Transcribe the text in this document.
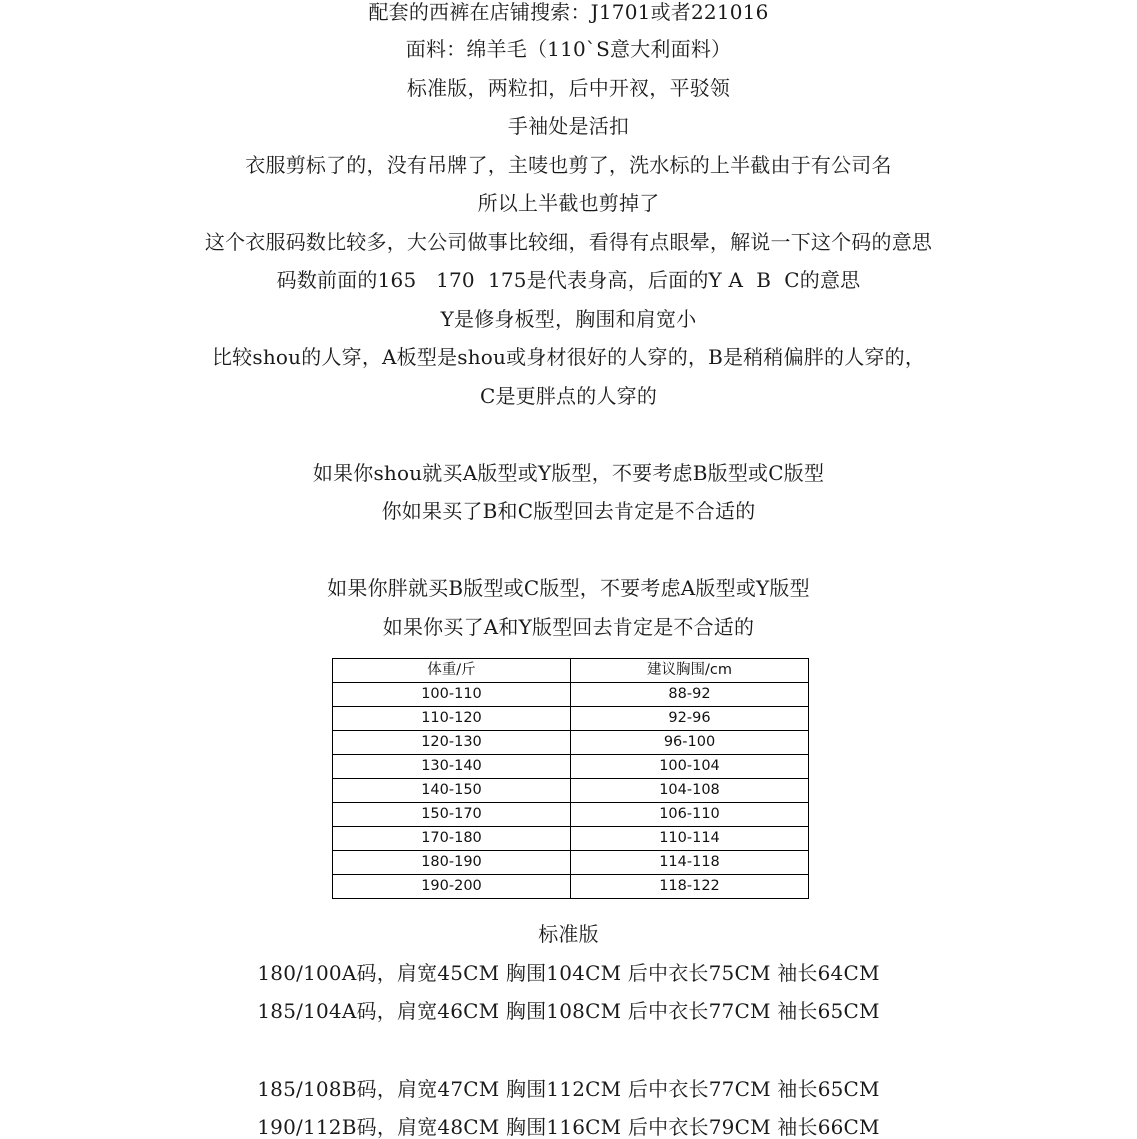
配套的西裤在店铺搜索：J1701或者221016
面料：绵羊毛（110`S意大利面料）
标准版，两粒扣，后中开衩，平驳领
手袖处是活扣
衣服剪标了的，没有吊牌了，主唛也剪了，洗水标的上半截由于有公司名
所以上半截也剪掉了
这个衣服码数比较多，大公司做事比较细，看得有点眼晕，解说一下这个码的意思
码数前面的165   170  175是代表身高，后面的Y A  B  C的意思
Y是修身板型，胸围和肩宽小
比较shou的人穿，A板型是shou或身材很好的人穿的，B是稍稍偏胖的人穿的，
C是更胖点的人穿的
如果你shou就买A版型或Y版型，不要考虑B版型或C版型
你如果买了B和C版型回去肯定是不合适的
如果你胖就买B版型或C版型，不要考虑A版型或Y版型
如果你买了A和Y版型回去肯定是不合适的
体重/斤	建议胸围/cm
100-110	88-92
110-120	92-96
120-130	96-100
130-140	100-104
140-150	104-108
150-170	106-110
170-180	110-114
180-190	114-118
190-200	118-122
标准版
180/100A码，肩宽45CM 胸围104CM 后中衣长75CM 袖长64CM
185/104A码，肩宽46CM 胸围108CM 后中衣长77CM 袖长65CM
185/108B码，肩宽47CM 胸围112CM 后中衣长77CM 袖长65CM
190/112B码，肩宽48CM 胸围116CM 后中衣长79CM 袖长66CM
